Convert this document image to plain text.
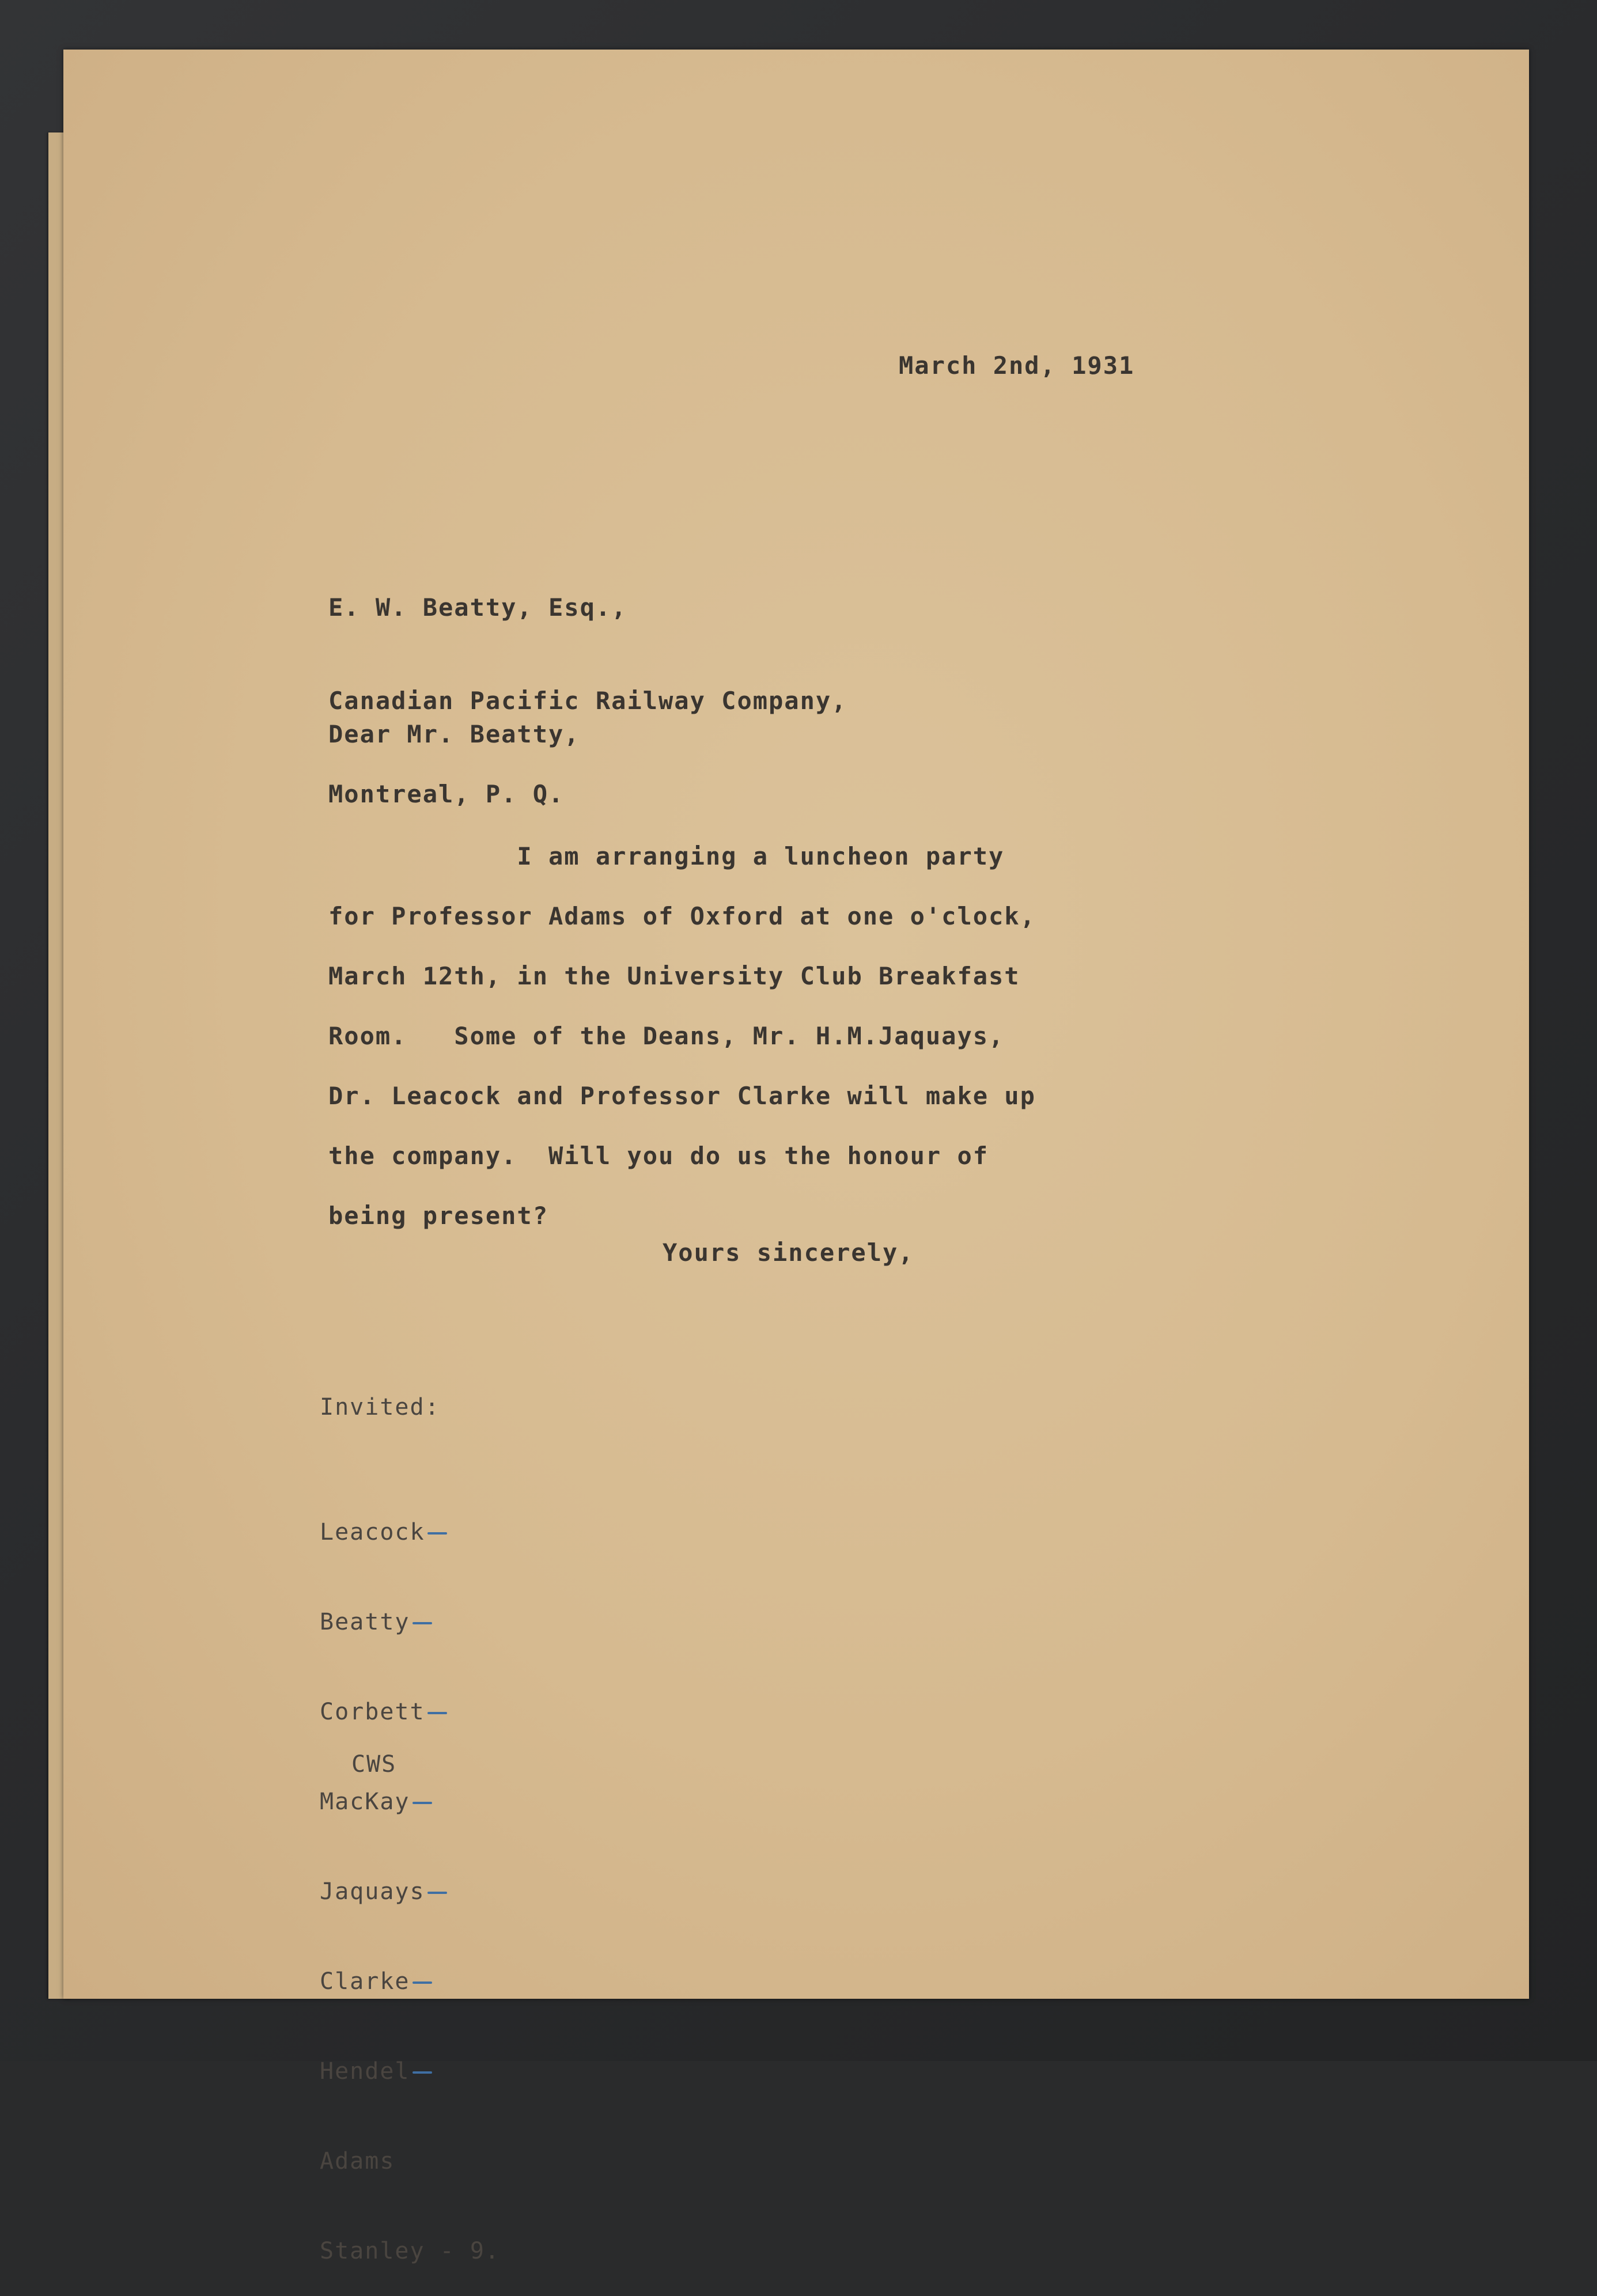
March 2nd, 1931

E. W. Beatty, Esq.,

Canadian Pacific Railway Company,

Montreal, P. Q.

Dear Mr. Beatty,
I am arranging a luncheon party
for Professor Adams of Oxford at one o'clock,
March 12th, in the University Club Breakfast
Room.   Some of the Deans, Mr. H.M.Jaquays,
Dr. Leacock and Professor Clarke will make up
the company.  Will you do us the honour of
being present?
Yours sincerely,
Invited:

Leacock

Beatty

Corbett

MacKay

Jaquays

Clarke

Hendel

Adams

Stanley - 9.

CWS
